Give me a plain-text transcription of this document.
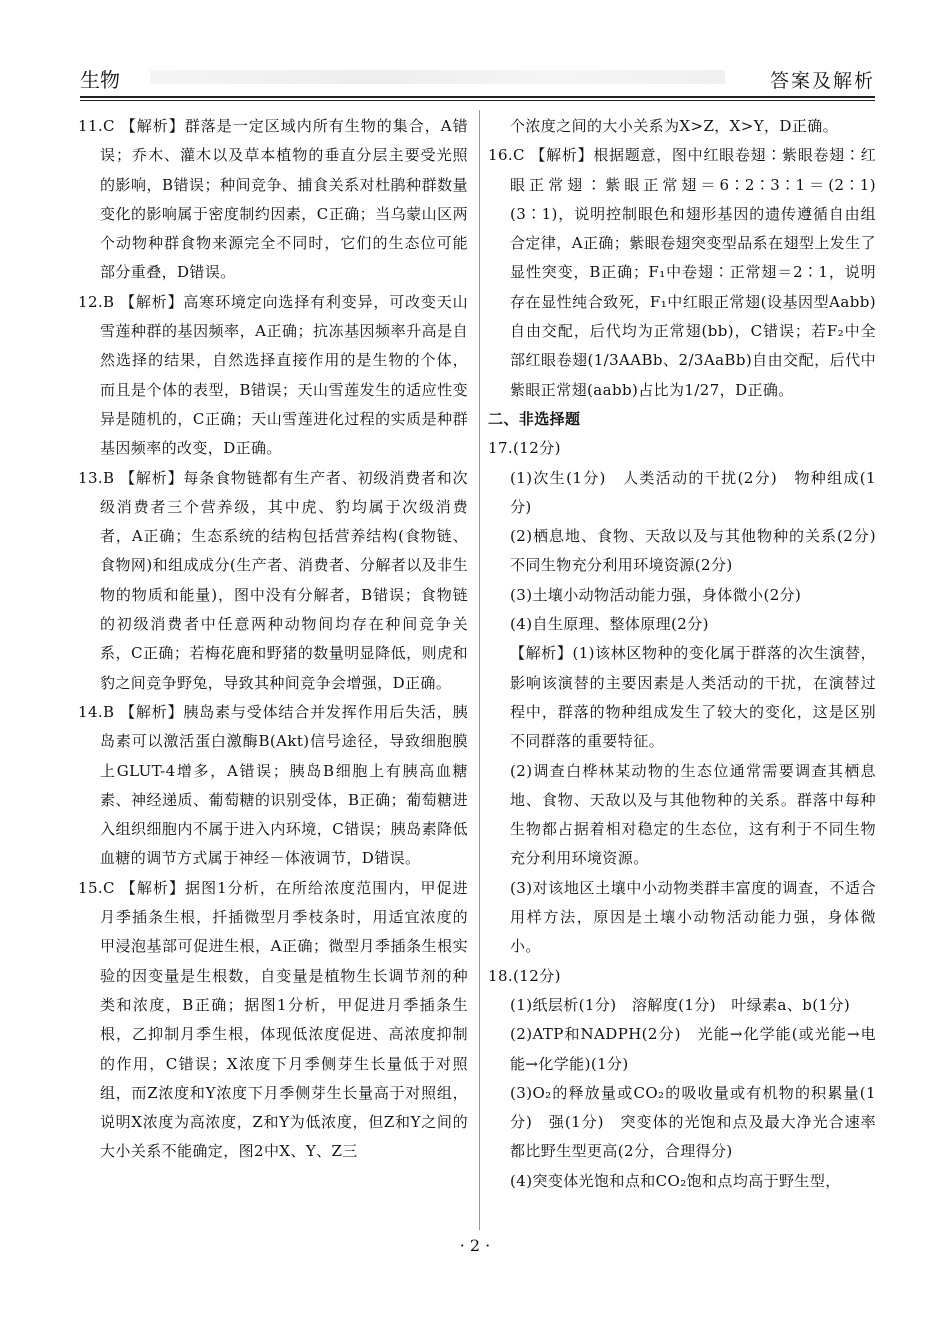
生物	答案及解析

11.C 【解析】群落是一定区域内所有生物的集合，A错误；乔木、灌木以及草本植物的垂直分层主要受光照的影响，B错误；种间竞争、捕食关系对杜鹃种群数量变化的影响属于密度制约因素，C正确；当乌蒙山区两个动物种群食物来源完全不同时，它们的生态位可能部分重叠，D错误。

12.B 【解析】高寒环境定向选择有利变异，可改变天山雪莲种群的基因频率，A正确；抗冻基因频率升高是自然选择的结果，自然选择直接作用的是生物的个体，而且是个体的表型，B错误；天山雪莲发生的适应性变异是随机的，C正确；天山雪莲进化过程的实质是种群基因频率的改变，D正确。

13.B 【解析】每条食物链都有生产者、初级消费者和次级消费者三个营养级，其中虎、豹均属于次级消费者，A正确；生态系统的结构包括营养结构(食物链、食物网)和组成成分(生产者、消费者、分解者以及非生物的物质和能量)，图中没有分解者，B错误；食物链的初级消费者中任意两种动物间均存在种间竞争关系，C正确；若梅花鹿和野猪的数量明显降低，则虎和豹之间竞争野兔，导致其种间竞争会增强，D正确。

14.B 【解析】胰岛素与受体结合并发挥作用后失活，胰岛素可以激活蛋白激酶B(Akt)信号途径，导致细胞膜上GLUT-4增多，A错误；胰岛B细胞上有胰高血糖素、神经递质、葡萄糖的识别受体，B正确；葡萄糖进入组织细胞内不属于进入内环境，C错误；胰岛素降低血糖的调节方式属于神经－体液调节，D错误。

15.C 【解析】据图1分析，在所给浓度范围内，甲促进月季插条生根，扦插微型月季枝条时，用适宜浓度的甲浸泡基部可促进生根，A正确；微型月季插条生根实验的因变量是生根数，自变量是植物生长调节剂的种类和浓度，B正确；据图1分析，甲促进月季插条生根，乙抑制月季生根，体现低浓度促进、高浓度抑制的作用，C错误；X浓度下月季侧芽生长量低于对照组，而Z浓度和Y浓度下月季侧芽生长量高于对照组，说明X浓度为高浓度，Z和Y为低浓度，但Z和Y之间的大小关系不能确定，图2中X、Y、Z三

个浓度之间的大小关系为X>Z，X>Y，D正确。

16.C 【解析】根据题意，图中红眼卷翅∶紫眼卷翅∶红眼正常翅∶紫眼正常翅＝6∶2∶3∶1＝(2∶1)(3∶1)，说明控制眼色和翅形基因的遗传遵循自由组合定律，A正确；紫眼卷翅突变型品系在翅型上发生了显性突变，B正确；F₁中卷翅∶正常翅＝2∶1，说明存在显性纯合致死，F₁中红眼正常翅(设基因型Aabb)自由交配，后代均为正常翅(bb)，C错误；若F₂中全部红眼卷翅(1/3AABb、2/3AaBb)自由交配，后代中紫眼正常翅(aabb)占比为1/27，D正确。

二、非选择题

17.(12分)

(1)次生(1分)　人类活动的干扰(2分)　物种组成(1分)

(2)栖息地、食物、天敌以及与其他物种的关系(2分)　不同生物充分利用环境资源(2分)

(3)土壤小动物活动能力强，身体微小(2分)

(4)自生原理、整体原理(2分)

【解析】(1)该林区物种的变化属于群落的次生演替，影响该演替的主要因素是人类活动的干扰，在演替过程中，群落的物种组成发生了较大的变化，这是区别不同群落的重要特征。

(2)调查白桦林某动物的生态位通常需要调查其栖息地、食物、天敌以及与其他物种的关系。群落中每种生物都占据着相对稳定的生态位，这有利于不同生物充分利用环境资源。

(3)对该地区土壤中小动物类群丰富度的调查，不适合用样方法，原因是土壤小动物活动能力强，身体微小。

18.(12分)

(1)纸层析(1分)　溶解度(1分)　叶绿素a、b(1分)

(2)ATP和NADPH(2分)　光能→化学能(或光能→电能→化学能)(1分)

(3)O₂的释放量或CO₂的吸收量或有机物的积累量(1分)　强(1分)　突变体的光饱和点及最大净光合速率都比野生型更高(2分，合理得分)

(4)突变体光饱和点和CO₂饱和点均高于野生型，

· 2 ·
